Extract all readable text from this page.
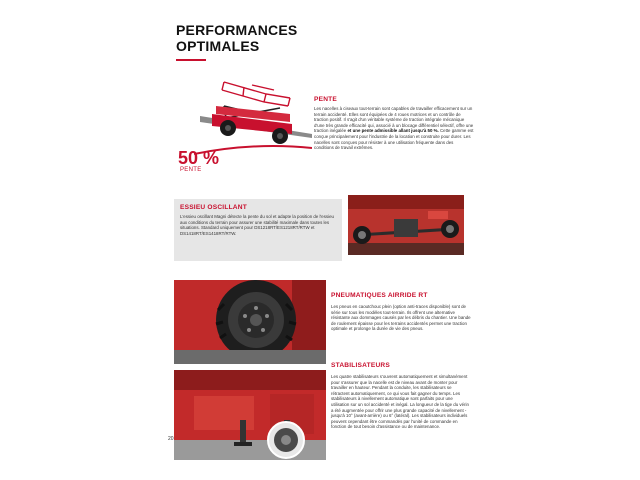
PERFORMANCES
OPTIMALES
50 %
PENTE
PENTE
Les nacelles à ciseaux tout-terrain sont capables de travailler efficacement sur un terrain accidenté. Elles sont équipées de 4 roues motrices et un contrôle de traction positif. Il s'agit d'un véritable système de traction intégrale mécanique d'une très grande efficacité qui, associé à un blocage différentiel sélectif, offre une traction inégalée et une pente admissible allant jusqu'à 50 %. Cette gamme est conçue principalement pour l'industrie de la location et construite pour durer. Les nacelles sont conçues pour résister à une utilisation fréquente dans des conditions de travail extrêmes.
ESSIEU OSCILLANT
L'essieu oscillant Magni détecte la pente du sol et adapte la position de l'essieu aux conditions du terrain pour assurer une stabilité maximale dans toutes les situations. Standard uniquement pour DS1218RT/ES1218RT/RTW et DS1418RT/ES1418RT/RTW.
PNEUMATIQUES AIRRIDE RT
Les pneus en caoutchouc plein (option anti-traces disponible) sont de série sur tous les modèles tout-terrain. Ils offrent une alternative résistante aux dommages causés par les débris du chantier. Une bande de roulement épaisse pour les terrains accidentés permet une traction optimale et prolonge la durée de vie des pneus.
STABILISATEURS
Les quatre stabilisateurs s'ouvrent automatiquement et simultanément pour s'assurer que la nacelle est de niveau avant de monter pour travailler en hauteur. Pendant la conduite, les stabilisateurs se rétractent automatiquement, ce qui vous fait gagner du temps. Les stabilisateurs à nivellement automatique sont parfaits pour une utilisation sur un sol accidenté et inégal. La longueur de la tige du vérin a été augmentée pour offrir une plus grande capacité de nivellement - jusqu'à 10° (avant-arrière) ou 6° (latéral). Les stabilisateurs individuels peuvent cependant être commandés par l'unité de commande en fonction de tout besoin d'assistance ou de maintenance.
20
